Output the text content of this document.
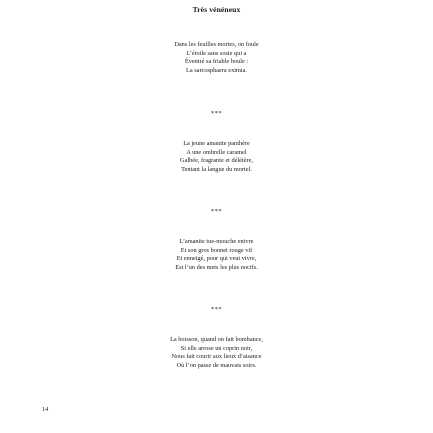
Très vénéneux
Dans les feuilles mortes, on foule
L’étoile sans sosie qui a
Éventré sa friable boule :
La sarcosphaera eximia.
***
La jeune amanite panthère
A une ombrelle caramel
Galbée, fragrante et délétère,
Tentant la langue du mortel.
***
L’amanite tue-mouche enivre
Et son gros bonnet rouge vif
Et enneigé, pour qui veut vivre,
Est l’un des mets les plus nocifs.
***
La boisson, quand on fait bombance,
Si elle arrose un coprin noir,
Nous fait courir aux lieux d’aisance
Où l’on passe de mauvais soirs.
14
